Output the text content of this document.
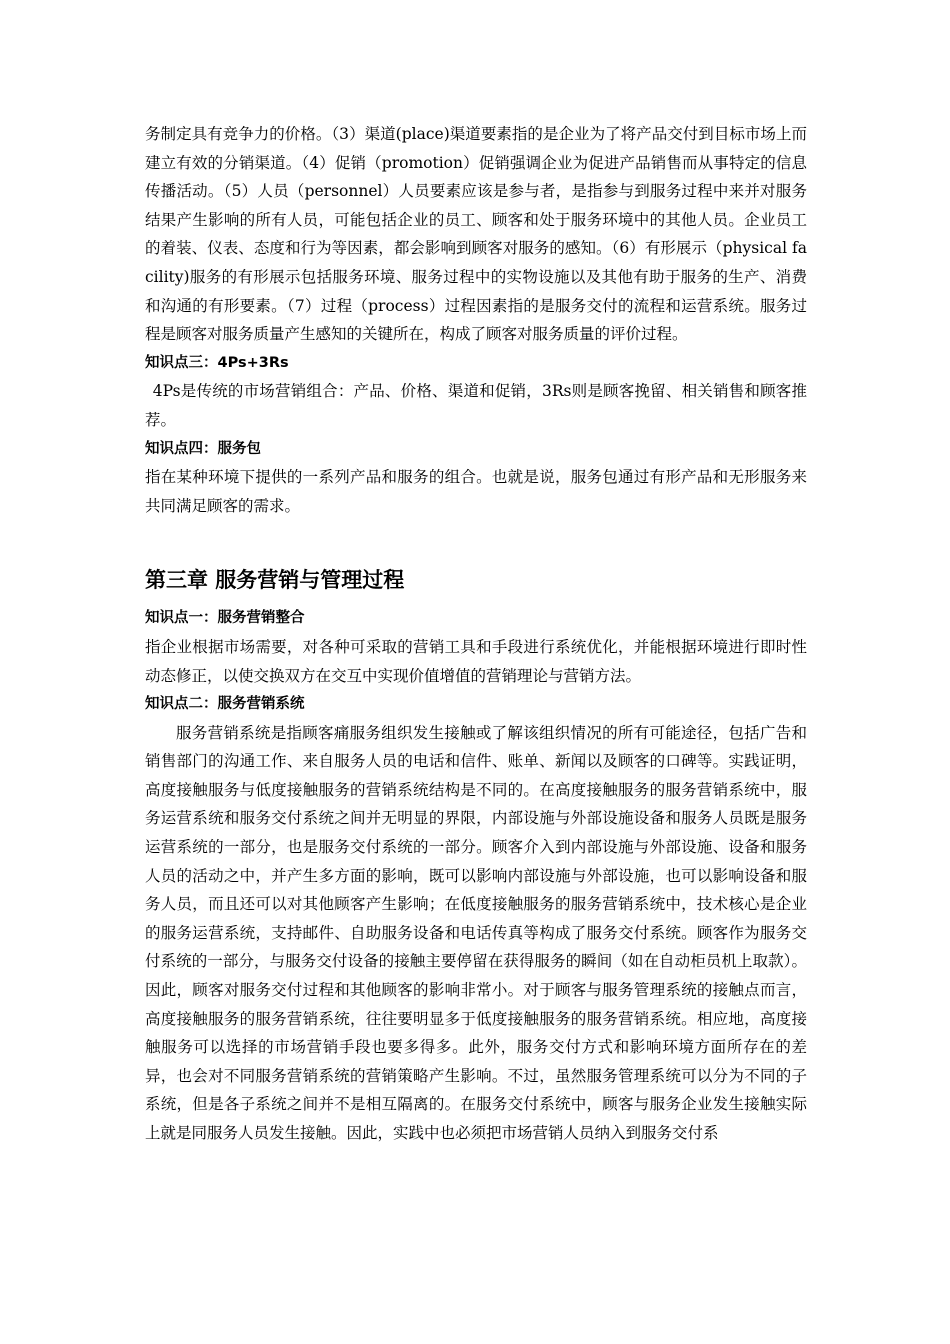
务制定具有竞争力的价格。（3）渠道(place)渠道要素指的是企业为了将产品交付到目标市场上而建立有效的分销渠道。（4）促销（promotion）促销强调企业为促进产品销售而从事特定的信息传播活动。（5）人员（personnel）人员要素应该是参与者，是指参与到服务过程中来并对服务结果产生影响的所有人员，可能包括企业的员工、顾客和处于服务环境中的其他人员。企业员工的着装、仪表、态度和行为等因素，都会影响到顾客对服务的感知。（6）有形展示（physical facility)服务的有形展示包括服务环境、服务过程中的实物设施以及其他有助于服务的生产、消费和沟通的有形要素。（7）过程（process）过程因素指的是服务交付的流程和运营系统。服务过程是顾客对服务质量产生感知的关键所在，构成了顾客对服务质量的评价过程。

知识点三：4Ps+3Rs

4Ps是传统的市场营销组合：产品、价格、渠道和促销，3Rs则是顾客挽留、相关销售和顾客推荐。

知识点四：服务包

指在某种环境下提供的一系列产品和服务的组合。也就是说，服务包通过有形产品和无形服务来共同满足顾客的需求。

第三章 服务营销与管理过程

知识点一：服务营销整合

指企业根据市场需要，对各种可采取的营销工具和手段进行系统优化，并能根据环境进行即时性动态修正，以使交换双方在交互中实现价值增值的营销理论与营销方法。

知识点二：服务营销系统

服务营销系统是指顾客痛服务组织发生接触或了解该组织情况的所有可能途径，包括广告和销售部门的沟通工作、来自服务人员的电话和信件、账单、新闻以及顾客的口碑等。实践证明，高度接触服务与低度接触服务的营销系统结构是不同的。在高度接触服务的服务营销系统中，服务运营系统和服务交付系统之间并无明显的界限，内部设施与外部设施设备和服务人员既是服务运营系统的一部分，也是服务交付系统的一部分。顾客介入到内部设施与外部设施、设备和服务人员的活动之中，并产生多方面的影响，既可以影响内部设施与外部设施，也可以影响设备和服务人员，而且还可以对其他顾客产生影响；在低度接触服务的服务营销系统中，技术核心是企业的服务运营系统，支持邮件、自助服务设备和电话传真等构成了服务交付系统。顾客作为服务交付系统的一部分，与服务交付设备的接触主要停留在获得服务的瞬间（如在自动柜员机上取款）。因此，顾客对服务交付过程和其他顾客的影响非常小。对于顾客与服务管理系统的接触点而言，高度接触服务的服务营销系统，往往要明显多于低度接触服务的服务营销系统。相应地，高度接触服务可以选择的市场营销手段也要多得多。此外，服务交付方式和影响环境方面所存在的差异，也会对不同服务营销系统的营销策略产生影响。不过，虽然服务管理系统可以分为不同的子系统，但是各子系统之间并不是相互隔离的。在服务交付系统中，顾客与服务企业发生接触实际上就是同服务人员发生接触。因此，实践中也必须把市场营销人员纳入到服务交付系
